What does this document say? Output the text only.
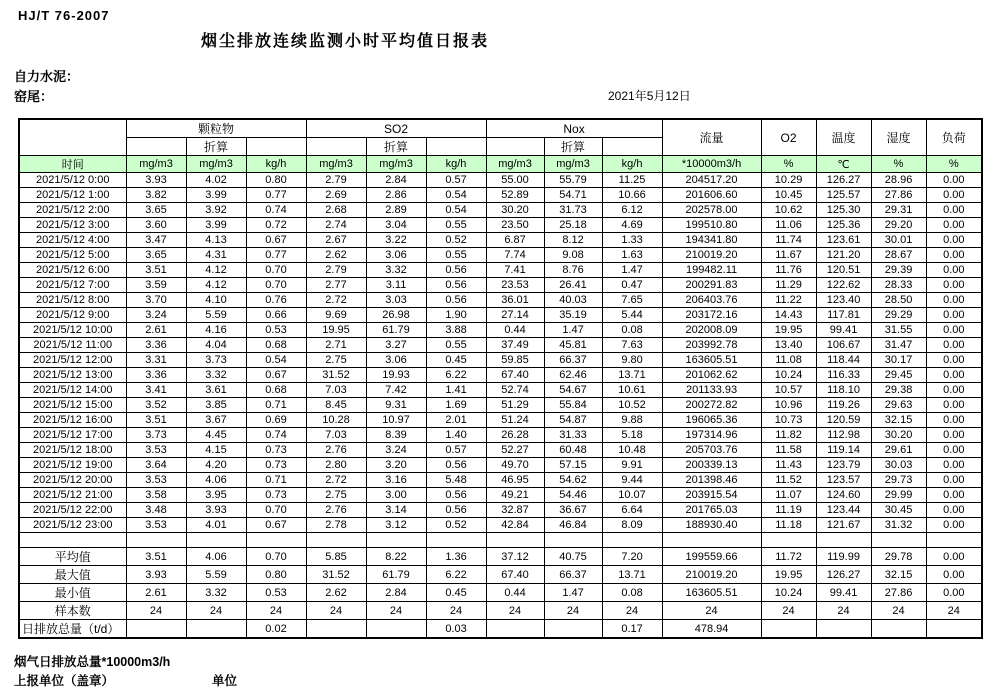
HJ/T 76-2007
烟尘排放连续监测小时平均值日报表
自力水泥：
窑尾：	2021年5月12日
	颗粒物			SO2			Nox			流量	O2	温度	湿度	负荷
		折算			折算			折算						
时间	mg/m3	mg/m3	kg/h	mg/m3	mg/m3	kg/h	mg/m3	mg/m3	kg/h	*10000m3/h	%	℃	%	%
2021/5/12 0:00	3.93	4.02	0.80	2.79	2.84	0.57	55.00	55.79	11.25	204517.20	10.29	126.27	28.96	0.00
2021/5/12 1:00	3.82	3.99	0.77	2.69	2.86	0.54	52.89	54.71	10.66	201606.60	10.45	125.57	27.86	0.00
2021/5/12 2:00	3.65	3.92	0.74	2.68	2.89	0.54	30.20	31.73	6.12	202578.00	10.62	125.30	29.31	0.00
2021/5/12 3:00	3.60	3.99	0.72	2.74	3.04	0.55	23.50	25.18	4.69	199510.80	11.06	125.36	29.20	0.00
2021/5/12 4:00	3.47	4.13	0.67	2.67	3.22	0.52	6.87	8.12	1.33	194341.80	11.74	123.61	30.01	0.00
2021/5/12 5:00	3.65	4.31	0.77	2.62	3.06	0.55	7.74	9.08	1.63	210019.20	11.67	121.20	28.67	0.00
2021/5/12 6:00	3.51	4.12	0.70	2.79	3.32	0.56	7.41	8.76	1.47	199482.11	11.76	120.51	29.39	0.00
2021/5/12 7:00	3.59	4.12	0.70	2.77	3.11	0.56	23.53	26.41	0.47	200291.83	11.29	122.62	28.33	0.00
2021/5/12 8:00	3.70	4.10	0.76	2.72	3.03	0.56	36.01	40.03	7.65	206403.76	11.22	123.40	28.50	0.00
2021/5/12 9:00	3.24	5.59	0.66	9.69	26.98	1.90	27.14	35.19	5.44	203172.16	14.43	117.81	29.29	0.00
2021/5/12 10:00	2.61	4.16	0.53	19.95	61.79	3.88	0.44	1.47	0.08	202008.09	19.95	99.41	31.55	0.00
2021/5/12 11:00	3.36	4.04	0.68	2.71	3.27	0.55	37.49	45.81	7.63	203992.78	13.40	106.67	31.47	0.00
2021/5/12 12:00	3.31	3.73	0.54	2.75	3.06	0.45	59.85	66.37	9.80	163605.51	11.08	118.44	30.17	0.00
2021/5/12 13:00	3.36	3.32	0.67	31.52	19.93	6.22	67.40	62.46	13.71	201062.62	10.24	116.33	29.45	0.00
2021/5/12 14:00	3.41	3.61	0.68	7.03	7.42	1.41	52.74	54.67	10.61	201133.93	10.57	118.10	29.38	0.00
2021/5/12 15:00	3.52	3.85	0.71	8.45	9.31	1.69	51.29	55.84	10.52	200272.82	10.96	119.26	29.63	0.00
2021/5/12 16:00	3.51	3.67	0.69	10.28	10.97	2.01	51.24	54.87	9.88	196065.36	10.73	120.59	32.15	0.00
2021/5/12 17:00	3.73	4.45	0.74	7.03	8.39	1.40	26.28	31.33	5.18	197314.96	11.82	112.98	30.20	0.00
2021/5/12 18:00	3.53	4.15	0.73	2.76	3.24	0.57	52.27	60.48	10.48	205703.76	11.58	119.14	29.61	0.00
2021/5/12 19:00	3.64	4.20	0.73	2.80	3.20	0.56	49.70	57.15	9.91	200339.13	11.43	123.79	30.03	0.00
2021/5/12 20:00	3.53	4.06	0.71	2.72	3.16	5.48	46.95	54.62	9.44	201398.46	11.52	123.57	29.73	0.00
2021/5/12 21:00	3.58	3.95	0.73	2.75	3.00	0.56	49.21	54.46	10.07	203915.54	11.07	124.60	29.99	0.00
2021/5/12 22:00	3.48	3.93	0.70	2.76	3.14	0.56	32.87	36.67	6.64	201765.03	11.19	123.44	30.45	0.00
2021/5/12 23:00	3.53	4.01	0.67	2.78	3.12	0.52	42.84	46.84	8.09	188930.40	11.18	121.67	31.32	0.00

平均值	3.51	4.06	0.70	5.85	8.22	1.36	37.12	40.75	7.20	199559.66	11.72	119.99	29.78	0.00
最大值	3.93	5.59	0.80	31.52	61.79	6.22	67.40	66.37	13.71	210019.20	19.95	126.27	32.15	0.00
最小值	2.61	3.32	0.53	2.62	2.84	0.45	0.44	1.47	0.08	163605.51	10.24	99.41	27.86	0.00
样本数	24	24	24	24	24	24	24	24	24	24	24	24	24	24
日排放总量（t/d）			0.02			0.03			0.17	478.94				
烟气日排放总量*10000m3/h
上报单位（盖章）	单位
